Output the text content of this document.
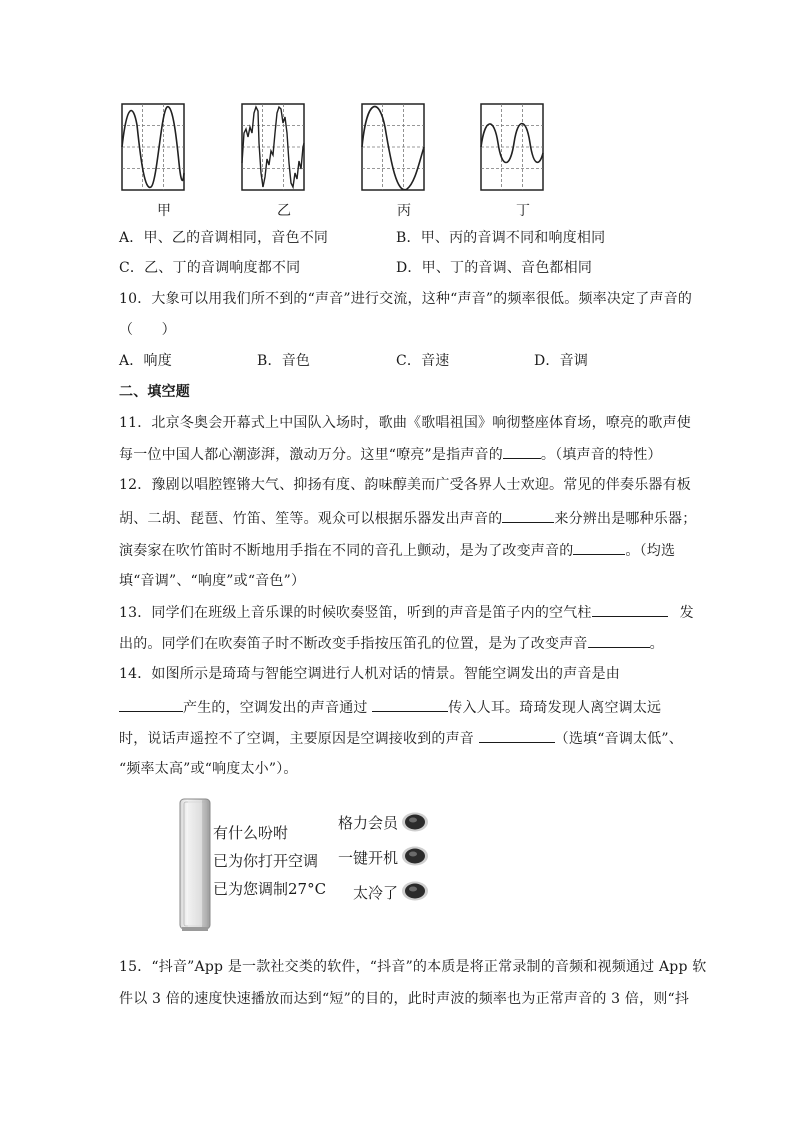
甲	乙	丙	丁
A．甲、乙的音调相同，音色不同	B．甲、丙的音调不同和响度相同
C．乙、丁的音调响度都不同	D．甲、丁的音调、音色都相同
10．大象可以用我们所不到的“声音”进行交流，这种“声音”的频率很低。频率决定了声音的
（　　）
A．响度	B．音色	C．音速	D．音调
二、填空题
11．北京冬奥会开幕式上中国队入场时，歌曲《歌唱祖国》响彻整座体育场，嘹亮的歌声使
每一位中国人都心潮澎湃，激动万分。这里“嘹亮”是指声音的	。（填声音的特性）
12．豫剧以唱腔铿锵大气、抑扬有度、韵味醇美而广受各界人士欢迎。常见的伴奏乐器有板
胡、二胡、琵琶、竹笛、笙等。观众可以根据乐器发出声音的	来分辨出是哪种乐器；
演奏家在吹竹笛时不断地用手指在不同的音孔上颤动，是为了改变声音的	。（均选
填“音调”、“响度”或“音色”）
13．同学们在班级上音乐课的时候吹奏竖笛，听到的声音是笛子内的空气柱	发
出的。同学们在吹奏笛子时不断改变手指按压笛孔的位置，是为了改变声音	。
14．如图所示是琦琦与智能空调进行人机对话的情景。智能空调发出的声音是由
产生的，空调发出的声音通过	传入人耳。琦琦发现人离空调太远
时，说话声遥控不了空调，主要原因是空调接收到的声音	（选填“音调太低”、
“频率太高”或“响度太小”）。
有什么吩咐
已为你打开空调
已为您调制27°C
格力会员
一键开机
太冷了
15．“抖音”App 是一款社交类的软件，“抖音”的本质是将正常录制的音频和视频通过 App 软
件以 3 倍的速度快速播放而达到“短”的目的，此时声波的频率也为正常声音的 3 倍，则“抖
